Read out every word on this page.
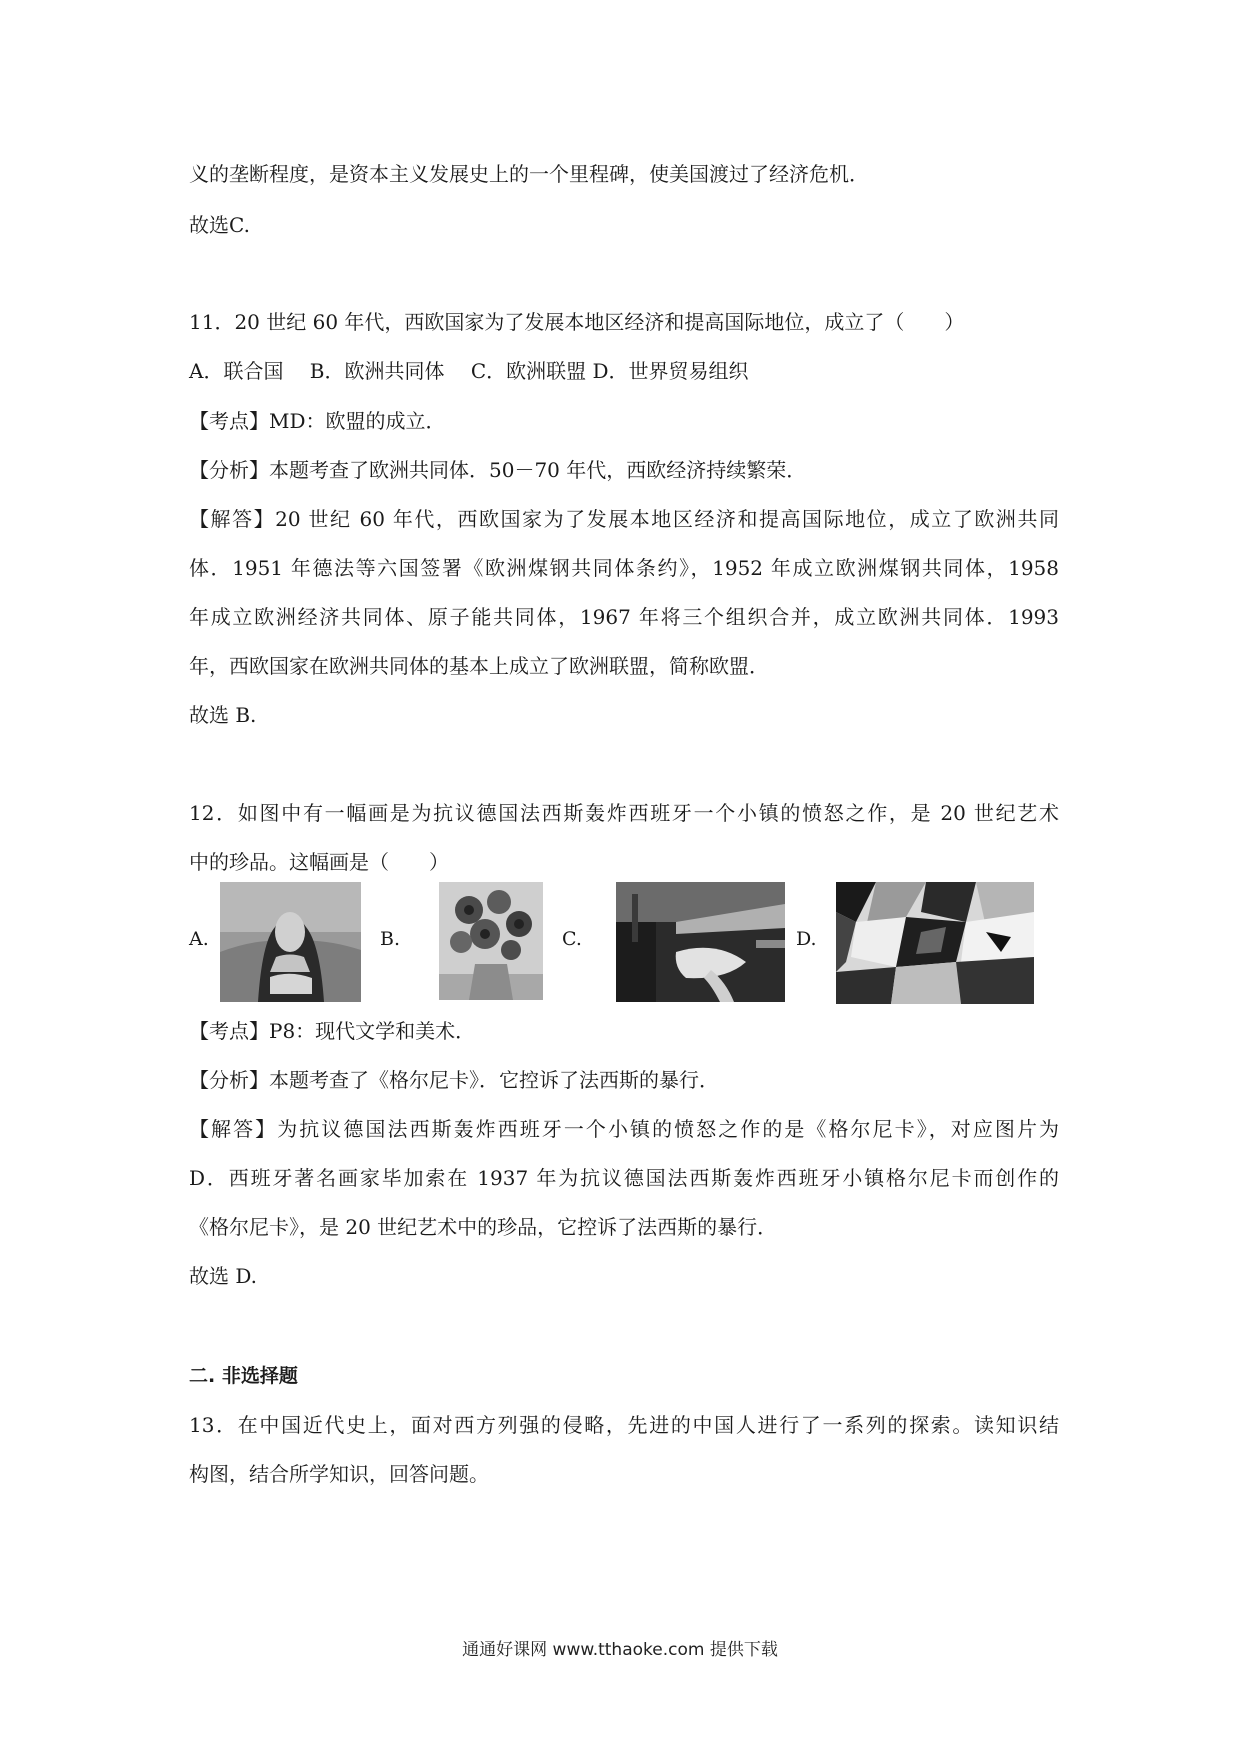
义的垄断程度，是资本主义发展史上的一个里程碑，使美国渡过了经济危机．
故选C.
11．20 世纪 60 年代，西欧国家为了发展本地区经济和提高国际地位，成立了（　　）
A．联合国　 B．欧洲共同体　 C．欧洲联盟 D．世界贸易组织
【考点】MD：欧盟的成立．
【分析】本题考查了欧洲共同体．50－70 年代，西欧经济持续繁荣．
【解答】20 世纪 60 年代，西欧国家为了发展本地区经济和提高国际地位，成立了欧洲共同
体．1951 年德法等六国签署《欧洲煤钢共同体条约》，1952 年成立欧洲煤钢共同体，1958
年成立欧洲经济共同体、原子能共同体，1967 年将三个组织合并，成立欧洲共同体．1993
年，西欧国家在欧洲共同体的基本上成立了欧洲联盟，简称欧盟．
故选 B.
12．如图中有一幅画是为抗议德国法西斯轰炸西班牙一个小镇的愤怒之作，是 20 世纪艺术
中的珍品。这幅画是（　　）
A.	B.	C.	D.
【考点】P8：现代文学和美术．
【分析】本题考查了《格尔尼卡》．它控诉了法西斯的暴行．
【解答】为抗议德国法西斯轰炸西班牙一个小镇的愤怒之作的是《格尔尼卡》，对应图片为
D．西班牙著名画家毕加索在 1937 年为抗议德国法西斯轰炸西班牙小镇格尔尼卡而创作的
《格尔尼卡》，是 20 世纪艺术中的珍品，它控诉了法西斯的暴行．
故选 D.
二. 非选择题
13．在中国近代史上，面对西方列强的侵略，先进的中国人进行了一系列的探索。读知识结
构图，结合所学知识，回答问题。
通通好课网 www.tthaoke.com 提供下载
